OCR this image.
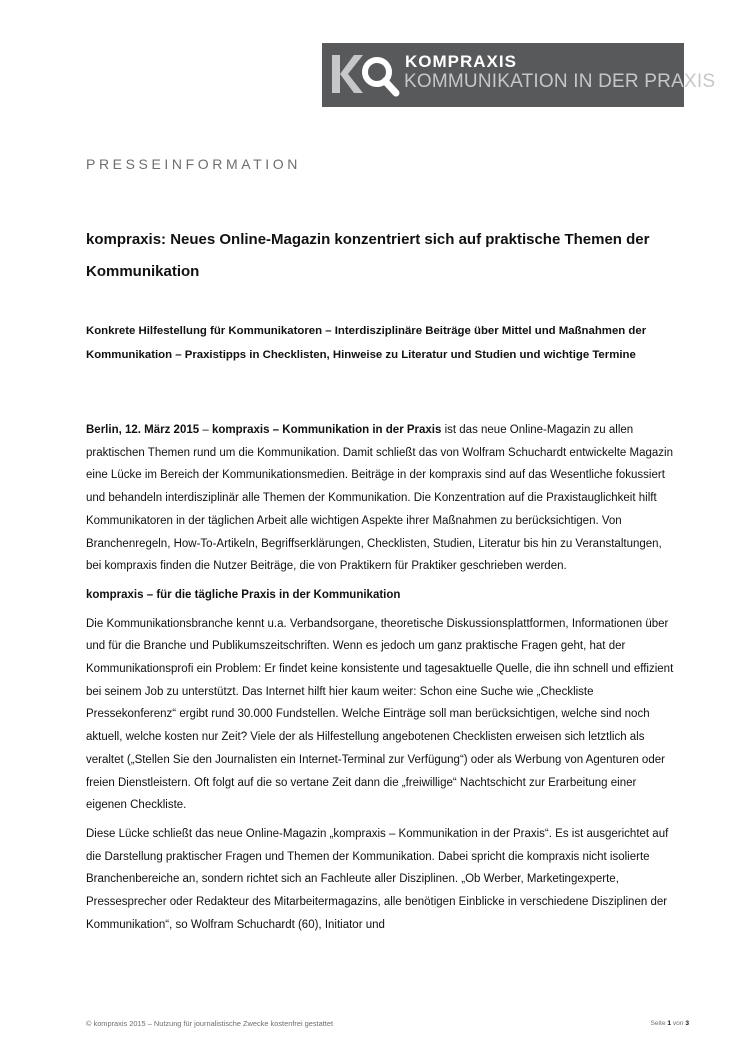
KOMPRAXIS
KOMMUNIKATION IN DER PRAXIS
PRESSEINFORMATION
kompraxis: Neues Online-Magazin konzentriert sich auf praktische Themen der Kommunikation
Konkrete Hilfestellung für Kommunikatoren – Interdisziplinäre Beiträge über Mittel und Maßnahmen der Kommunikation – Praxistipps in Checklisten, Hinweise zu Literatur und Studien und wichtige Termine

Berlin, 12. März 2015 – kompraxis – Kommunikation in der Praxis ist das neue Online-Magazin zu allen praktischen Themen rund um die Kommunikation. Damit schließt das von Wolfram Schuchardt entwickelte Magazin eine Lücke im Bereich der Kommunikationsmedien. Beiträge in der kompraxis sind auf das Wesentliche fokussiert und behandeln interdisziplinär alle Themen der Kommunikation. Die Konzentration auf die Praxistauglichkeit hilft Kommunikatoren in der täglichen Arbeit alle wichtigen Aspekte ihrer Maßnahmen zu berücksichtigen. Von Branchenregeln, How-To-Artikeln, Begriffserklärungen, Checklisten, Studien, Literatur bis hin zu Veranstaltungen, bei kompraxis finden die Nutzer Beiträge, die von Praktikern für Praktiker geschrieben werden.

kompraxis – für die tägliche Praxis in der Kommunikation

Die Kommunikationsbranche kennt u.a. Verbandsorgane, theoretische Diskussionsplattformen, Informationen über und für die Branche und Publikumszeitschriften. Wenn es jedoch um ganz praktische Fragen geht, hat der Kommunikationsprofi ein Problem: Er findet keine konsistente und tagesaktuelle Quelle, die ihn schnell und effizient bei seinem Job zu unterstützt. Das Internet hilft hier kaum weiter: Schon eine Suche wie „Checkliste Pressekonferenz“ ergibt rund 30.000 Fundstellen. Welche Einträge soll man berücksichtigen, welche sind noch aktuell, welche kosten nur Zeit? Viele der als Hilfestellung angebotenen Checklisten erweisen sich letztlich als veraltet („Stellen Sie den Journalisten ein Internet-Terminal zur Verfügung“) oder als Werbung von Agenturen oder freien Dienstleistern. Oft folgt auf die so vertane Zeit dann die „freiwillige“ Nachtschicht zur Erarbeitung einer eigenen Checkliste.

Diese Lücke schließt das neue Online-Magazin „kompraxis – Kommunikation in der Praxis“. Es ist ausgerichtet auf die Darstellung praktischer Fragen und Themen der Kommunikation. Dabei spricht die kompraxis nicht isolierte Branchenbereiche an, sondern richtet sich an Fachleute aller Disziplinen. „Ob Werber, Marketingexperte, Pressesprecher oder Redakteur des Mitarbeitermagazins, alle benötigen Einblicke in verschiedene Disziplinen der Kommunikation“, so Wolfram Schuchardt (60), Initiator und

© kompraxis 2015 – Nutzung für journalistische Zwecke kostenfrei gestattet	Seite 1 von 3
